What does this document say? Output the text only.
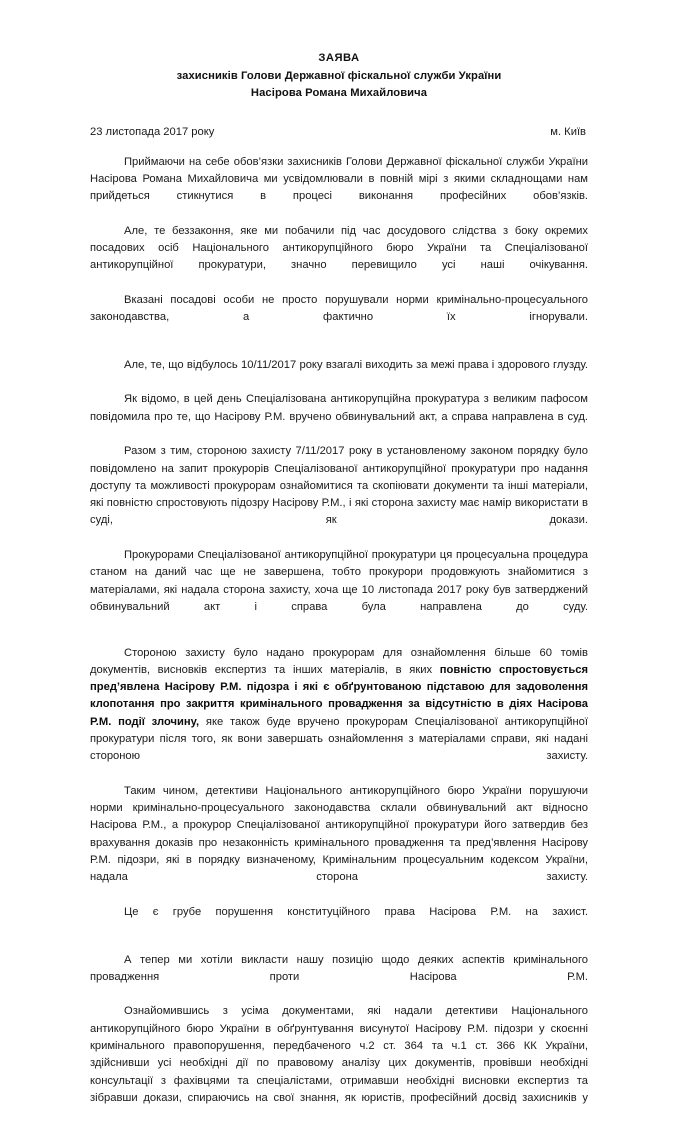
ЗАЯВА
захисників Голови Державної фіскальної служби України
Насірова Романа Михайловича
23 листопада 2017 року	м. Київ

Приймаючи на себе обов’язки захисників Голови Державної фіскальної служби України Насірова Романа Михайловича ми усвідомлювали в повній мірі з якими складнощами нам прийдеться стикнутися в процесі виконання професійних обов’язків.

Але, те беззаконня, яке ми побачили під час досудового слідства з боку окремих посадових осіб Національного антикорупційного бюро України та Спеціалізованої антикорупційної прокуратури, значно перевищило усі наші очікування.

Вказані посадові особи не просто порушували норми кримінально-процесуального законодавства, а фактично їх ігнорували.

Але, те, що відбулось 10/11/2017 року взагалі виходить за межі права і здорового глузду.

Як відомо, в цей день Спеціалізована антикорупційна прокуратура з великим пафосом повідомила про те, що Насірову Р.М. вручено обвинувальний акт, а справа направлена в суд.

Разом з тим, стороною захисту 7/11/2017 року в установленому законом порядку було повідомлено на запит прокурорів Спеціалізованої антикорупційної прокуратури про надання доступу та можливості прокурорам ознайомитися та скопіювати документи та інші матеріали, які повністю спростовують підозру Насірову Р.М., і які сторона захисту має намір використати в суді, як докази.

Прокурорами Спеціалізованої антикорупційної прокуратури ця процесуальна процедура станом на даний час ще не завершена, тобто прокурори продовжують знайомитися з матеріалами, які надала сторона захисту, хоча ще 10 листопада 2017 року був затверджений обвинувальний акт і справа була направлена до суду.

Стороною захисту було надано прокурорам для ознайомлення більше 60 томів документів, висновків експертиз та інших матеріалів, в яких повністю спростовується пред’явлена Насірову Р.М. підозра і які є обґрунтованою підставою для задоволення клопотання про закриття кримінального провадження за відсутністю в діях Насірова Р.М. події злочину, яке також буде вручено прокурорам Спеціалізованої антикорупційної прокуратури після того, як вони завершать ознайомлення з матеріалами справи, які надані стороною захисту.

Таким чином, детективи Національного антикорупційного бюро України порушуючи норми кримінально-процесуального законодавства склали обвинувальний акт відносно Насірова Р.М., а прокурор Спеціалізованої антикорупційної прокуратури його затвердив без врахування доказів про незаконність кримінального провадження та пред’явлення Насірову Р.М. підозри, які в порядку визначеному, Кримінальним процесуальним кодексом України, надала сторона захисту.

Це є грубе порушення конституційного права Насірова Р.М. на захист.

А тепер ми хотіли викласти нашу позицію щодо деяких аспектів кримінального провадження проти Насірова Р.М.

Ознайомившись з усіма документами, які надали детективи Національного антикорупційного бюро України в обґрунтування висунутої Насірову Р.М. підозри у скоєнні кримінального правопорушення, передбаченого ч.2 ст. 364 та ч.1 ст. 366 КК України, здійснивши усі необхідні дії по правовому аналізу цих документів, провівши необхідні консультації з фахівцями та спеціалістами, отримавши необхідні висновки експертиз та зібравши докази, спираючись на свої знання, як юристів, професійний досвід захисників у
